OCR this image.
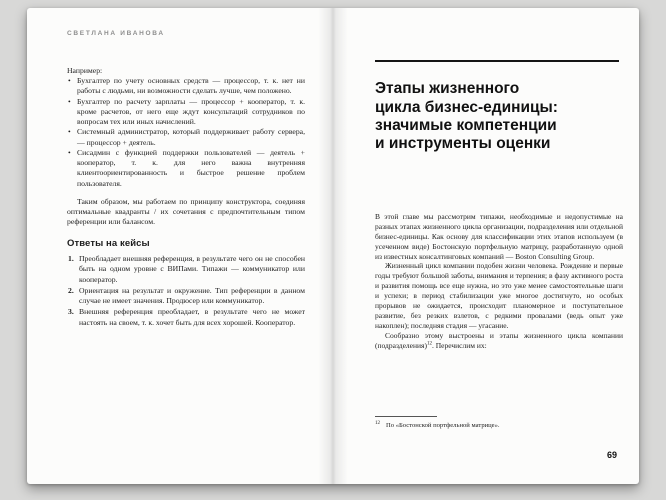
СВЕТЛАНА ИВАНОВА

Например:

• Бухгалтер по учету основных средств — процессор, т. к. нет ни работы с людьми, ни возможности сделать лучше, чем положено.
• Бухгалтер по расчету зарплаты — процессор + кооператор, т. к. кроме расчетов, от него еще ждут консультаций сотрудников по вопросам тех или иных начислений.
• Системный администратор, который поддерживает работу сервера, — процессор + деятель.
• Сисадмин с функцией поддержки пользователей — деятель + кооператор, т. к. для него важна внутренняя клиентоориентированность и быстрое решение проблем пользователя.

Таким образом, мы работаем по принципу конструктора, соединяя оптимальные квадранты / их сочетания с предпочтительным типом референции или балансом.

Ответы на кейсы
1. Преобладает внешняя референция, в результате чего он не способен быть на одном уровне с ВИПами. Типажи — коммуникатор или кооператор.
2. Ориентация на результат и окружение. Тип референции в данном случае не имеет значения. Продюсер или коммуникатор.
3. Внешняя референция преобладает, в результате чего не может настоять на своем, т. к. хочет быть для всех хорошей. Кооператор.
Этапы жизненного
цикла бизнес-единицы:
значимые компетенции
и инструменты оценки

В этой главе мы рассмотрим типажи, необходимые и недопустимые на разных этапах жизненного цикла организации, подразделения или отдельной бизнес-единицы. Как основу для классификации этих этапов используем (в усеченном виде) Бостонскую портфельную матрицу, разработанную одной из известных консалтинговых компаний — Boston Consulting Group.

Жизненный цикл компании подобен жизни человека. Рождение и первые годы требуют большой заботы, внимания и терпения; в фазу активного роста и развития помощь все еще нужна, но это уже менее самостоятельные шаги и успехи; в период стабилизации уже многое достигнуто, но особых прорывов не ожидается, происходит планомерное и поступательное развитие, без резких взлетов, с редкими провалами (ведь опыт уже накоплен); последняя стадия — угасание.

Сообразно этому выстроены и этапы жизненного цикла компании (подразделения)$^{12}$. Перечислим их:

$^{12}$ По «Бостонской портфельной матрице».
69
